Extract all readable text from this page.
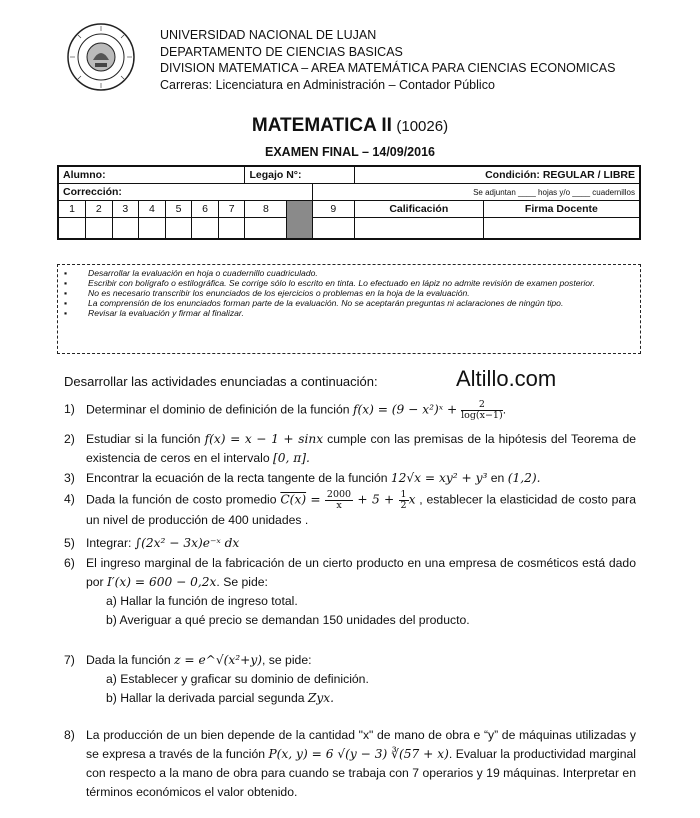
UNIVERSIDAD NACIONAL DE LUJAN
DEPARTAMENTO DE CIENCIAS BASICAS
DIVISION MATEMATICA – AREA MATEMÁTICA PARA CIENCIAS ECONOMICAS
Carreras: Licenciatura en Administración – Contador Público
MATEMATICA II (10026)
EXAMEN FINAL – 14/09/2016
Alumno:							Legajo N°:			Condición: REGULAR / LIBRE	
Corrección:									Se adjuntan ____ hojas y/o ____ cuadernillos		
1	2	3	4	5	6	7	8		9	Calificación	Firma Docente

▪ Desarrollar la evaluación en hoja o cuadernillo cuadriculado.
▪ Escribir con bolígrafo o estilográfica. Se corrige sólo lo escrito en tinta. Lo efectuado en lápiz no admite revisión de examen posterior.
▪ No es necesario transcribir los enunciados de los ejercicios o problemas en la hoja de la evaluación.
▪ La comprensión de los enunciados forman parte de la evaluación. No se aceptarán preguntas ni aclaraciones de ningún tipo.
▪ Revisar la evaluación y firmar al finalizar.
Desarrollar las actividades enunciadas a continuación:	Altillo.com
1) Determinar el dominio de definición de la función f(x) = (9 − x²)ˣ + $\frac{2}{\log(x-1)}$ .
2) Estudiar si la función f(x) = x − 1 + sinx cumple con las premisas de la hipótesis del Teorema de existencia de ceros en el intervalo [0, π].
3) Encontrar la ecuación de la recta tangente de la función 12√x = xy² + y³ en (1,2).
4) Dada la función de costo promedio $C(x) = \frac{2000}{x} + 5 + \frac{1}{2}$ x , establecer la elasticidad de costo para un nivel de producción de 400 unidades .
5) Integrar: ∫(2x² − 3x)e⁻ˣ dx
6) El ingreso marginal de la fabricación de un cierto producto en una empresa de cosméticos está dado por I′(x) = 600 − 0,2x. Se pide:
a) Hallar la función de ingreso total.
b) Averiguar a qué precio se demandan 150 unidades del producto.
7) Dada la función z = e^√(x²+y), se pide:
a) Establecer y graficar su dominio de definición.
b) Hallar la derivada parcial segunda Zyx.
8) La producción de un bien depende de la cantidad "x" de mano de obra e “y” de máquinas utilizadas y se expresa a través de la función P(x, y) = 6 √(y − 3) ∛(57 + x). Evaluar la productividad marginal con respecto a la mano de obra para cuando se trabaja con 7 operarios y 19 máquinas. Interpretar en términos económicos el valor obtenido.
